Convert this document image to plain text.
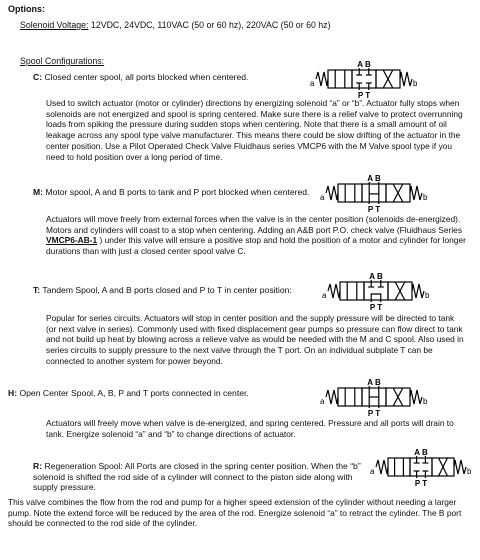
Options:
Solenoid Voltage: 12VDC, 24VDC, 110VAC (50 or 60 hz), 220VAC (50 or 60 hz)
Spool Configurations:
C: Closed center spool, all ports blocked when centered.
A B
P T
a	b
Used to switch actuator (motor or cylinder) directions by energizing solenoid “a” or “b”. Actuator fully stops when solenoids are not energized and spool is spring centered. Make sure there is a relief valve to protect overrunning loads from spiking the pressure during sudden stops when centering. Note that there is a small amount of oil leakage across any spool type valve manufacturer. This means there could be slow drifting of the actuator in the center position. Use a Pilot Operated Check Valve Fluidhaus series VMCP6 with the M Valve spool type if you need to hold position over a long period of time.
M: Motor spool, A and B ports to tank and P port blocked when centered.
A B
P T
a	b
Actuators will move freely from external forces when the valve is in the center position (solenoids de-energized). Motors and cylinders will coast to a stop when centering. Adding an A&B port P.O. check valve (Fluidhaus Series VMCP6-AB-1 ) under this valve will ensure a positive stop and hold the position of a motor and cylinder for longer durations than with just a closed center spool valve C.
T: Tandem Spool, A and B ports closed and P to T in center position:
A B
P T
a	b
Popular for series circuits. Actuators will stop in center position and the supply pressure will be directed to tank (or next valve in series). Commonly used with fixed displacement gear pumps so pressure can flow direct to tank and not build up heat by blowing across a relieve valve as would be needed with the M and C spool. Also used in series circuits to supply pressure to the next valve through the T port. On an individual subplate T can be connected to another system for power beyond.
H: Open Center Spool, A, B, P and T ports connected in center.
A B
P T
a	b
Actuators will freely move when valve is de-energized, and spring centered. Pressure and all ports will drain to tank. Energize solenoid “a” and “b” to change directions of actuator.
R: Regeneration Spool: All Ports are closed in the spring center position. When the “b” solenoid is shifted the rod side of a cylinder will connect to the piston side along with supply pressure.
A B
P T
a	b
This valve combines the flow from the rod and pump for a higher speed extension of the cylinder without needing a larger pump. Note the extend force will be reduced by the area of the rod. Energize solenoid “a” to retract the cylinder. The B port should be connected to the rod side of the cylinder.
